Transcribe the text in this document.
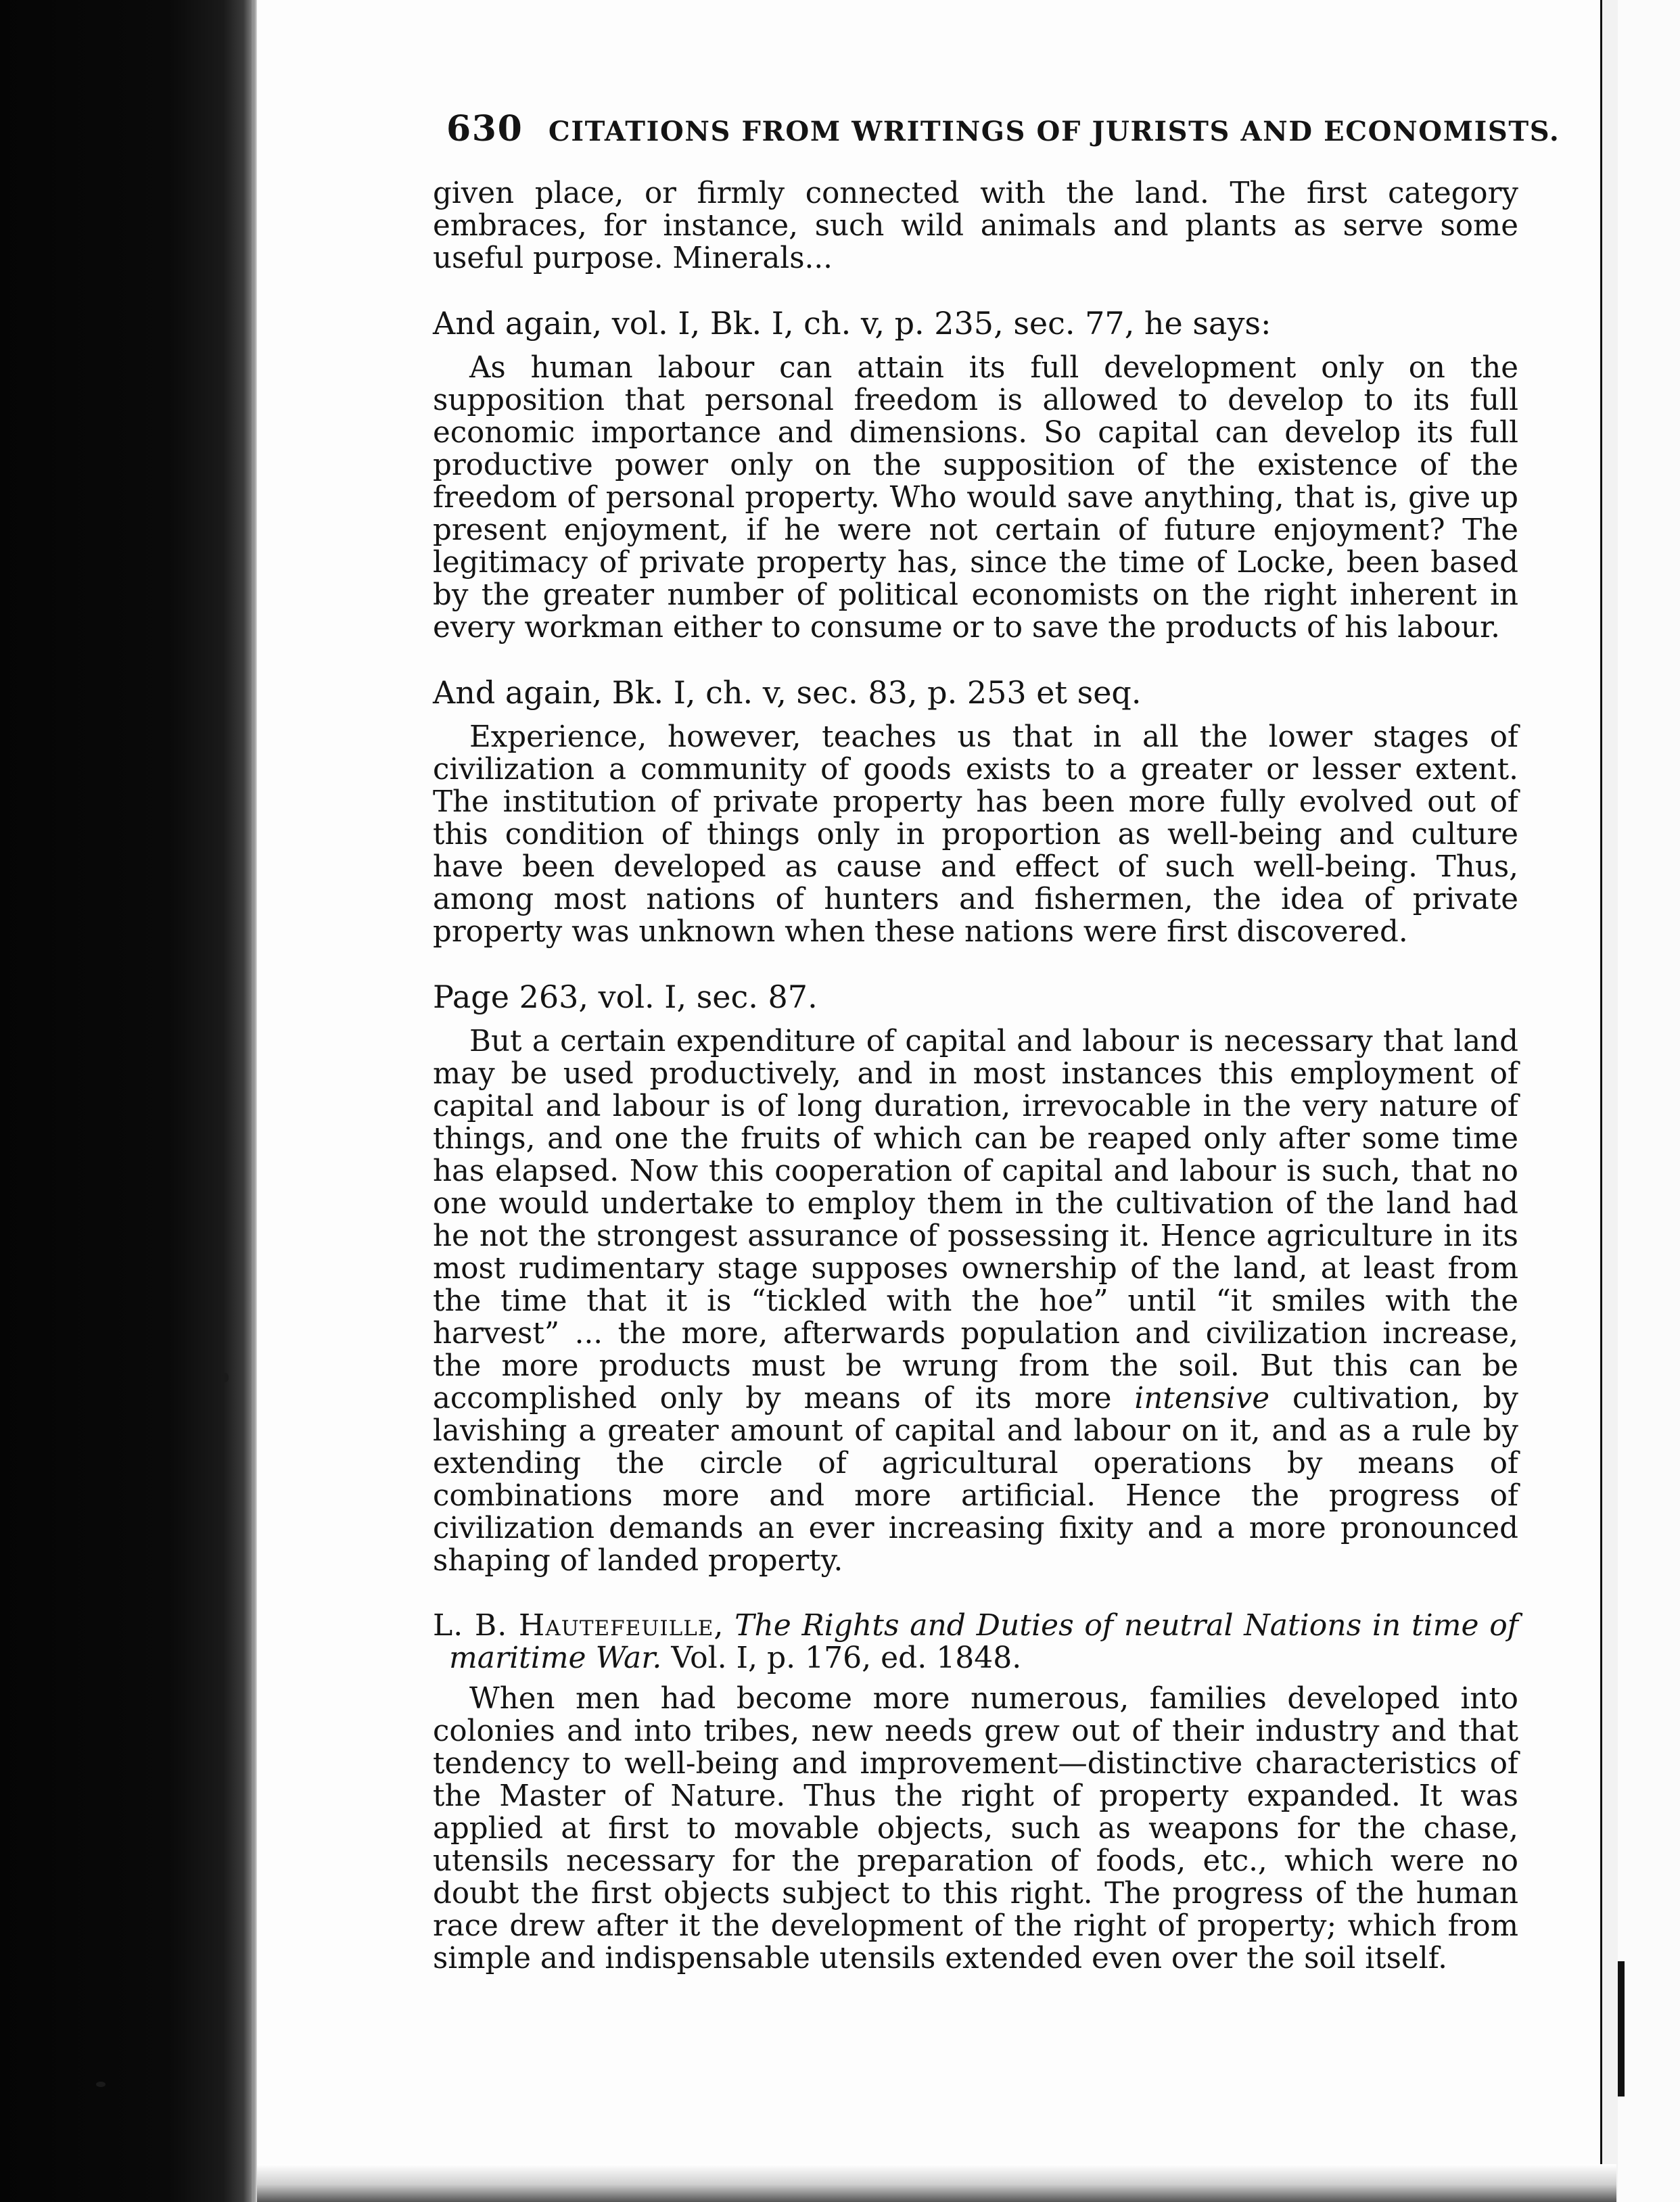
630 CITATIONS FROM WRITINGS OF JURISTS AND ECONOMISTS.

given place, or firmly connected with the land. The first category embraces, for instance, such wild animals and plants as serve some useful purpose. Minerals...

And again, vol. I, Bk. I, ch. v, p. 235, sec. 77, he says:

As human labour can attain its full development only on the supposition that personal freedom is allowed to develop to its full economic importance and dimensions. So capital can develop its full productive power only on the supposition of the existence of the freedom of personal property. Who would save anything, that is, give up present enjoyment, if he were not certain of future enjoyment? The legitimacy of private property has, since the time of Locke, been based by the greater number of political economists on the right inherent in every workman either to consume or to save the products of his labour.

And again, Bk. I, ch. v, sec. 83, p. 253 et seq.

Experience, however, teaches us that in all the lower stages of civilization a community of goods exists to a greater or lesser extent. The institution of private property has been more fully evolved out of this condition of things only in proportion as well-being and culture have been developed as cause and effect of such well-being. Thus, among most nations of hunters and fishermen, the idea of private property was unknown when these nations were first discovered.

Page 263, vol. I, sec. 87.

But a certain expenditure of capital and labour is necessary that land may be used productively, and in most instances this employment of capital and labour is of long duration, irrevocable in the very nature of things, and one the fruits of which can be reaped only after some time has elapsed. Now this cooperation of capital and labour is such, that no one would undertake to employ them in the cultivation of the land had he not the strongest assurance of possessing it. Hence agriculture in its most rudimentary stage supposes ownership of the land, at least from the time that it is “tickled with the hoe” until “it smiles with the harvest” ... the more, afterwards population and civilization increase, the more products must be wrung from the soil. But this can be accomplished only by means of its more intensive cultivation, by lavishing a greater amount of capital and labour on it, and as a rule by extending the circle of agricultural operations by means of combinations more and more artificial. Hence the progress of civilization demands an ever increasing fixity and a more pronounced shaping of landed property.

L. B. Hautefeuille, The Rights and Duties of neutral Nations in time of maritime War. Vol. I, p. 176, ed. 1848.

When men had become more numerous, families developed into colonies and into tribes, new needs grew out of their industry and that tendency to well-being and improvement—distinctive characteristics of the Master of Nature. Thus the right of property expanded. It was applied at first to movable objects, such as weapons for the chase, utensils necessary for the preparation of foods, etc., which were no doubt the first objects subject to this right. The progress of the human race drew after it the development of the right of property; which from simple and indispensable utensils extended even over the soil itself.
